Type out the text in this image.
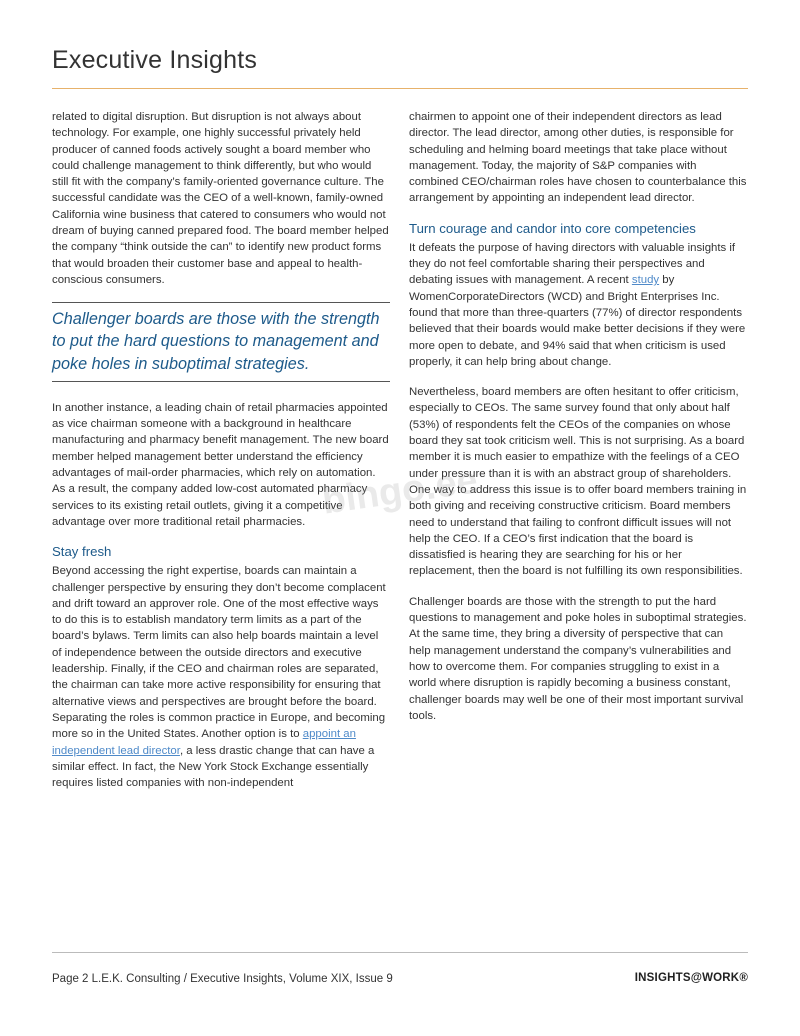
Executive Insights

related to digital disruption. But disruption is not always about technology. For example, one highly successful privately held producer of canned foods actively sought a board member who could challenge management to think differently, but who would still fit with the company’s family-oriented governance culture. The successful candidate was the CEO of a well-known, family-owned California wine business that catered to consumers who would not dream of buying canned prepared food. The board member helped the company “think outside the can” to identify new product forms that would broaden their customer base and appeal to health-conscious consumers.

Challenger boards are those with the strength to put the hard questions to management and poke holes in suboptimal strategies.

In another instance, a leading chain of retail pharmacies appointed as vice chairman someone with a background in healthcare manufacturing and pharmacy benefit management. The new board member helped management better understand the efficiency advantages of mail-order pharmacies, which rely on automation. As a result, the company added low-cost automated pharmacy services to its existing retail outlets, giving it a competitive advantage over more traditional retail pharmacies.

Stay fresh

Beyond accessing the right expertise, boards can maintain a challenger perspective by ensuring they don’t become complacent and drift toward an approver role. One of the most effective ways to do this is to establish mandatory term limits as a part of the board’s bylaws. Term limits can also help boards maintain a level of independence between the outside directors and executive leadership. Finally, if the CEO and chairman roles are separated, the chairman can take more active responsibility for ensuring that alternative views and perspectives are brought before the board. Separating the roles is common practice in Europe, and becoming more so in the United States. Another option is to appoint an independent lead director, a less drastic change that can have a similar effect. In fact, the New York Stock Exchange essentially requires listed companies with non-independent

chairmen to appoint one of their independent directors as lead director. The lead director, among other duties, is responsible for scheduling and helming board meetings that take place without management. Today, the majority of S&P companies with combined CEO/chairman roles have chosen to counterbalance this arrangement by appointing an independent lead director.

Turn courage and candor into core competencies

It defeats the purpose of having directors with valuable insights if they do not feel comfortable sharing their perspectives and debating issues with management. A recent study by WomenCorporateDirectors (WCD) and Bright Enterprises Inc. found that more than three-quarters (77%) of director respondents believed that their boards would make better decisions if they were more open to debate, and 94% said that when criticism is used properly, it can help bring about change.

Nevertheless, board members are often hesitant to offer criticism, especially to CEOs. The same survey found that only about half (53%) of respondents felt the CEOs of the companies on whose board they sat took criticism well. This is not surprising. As a board member it is much easier to empathize with the feelings of a CEO under pressure than it is with an abstract group of shareholders. One way to address this issue is to offer board members training in both giving and receiving constructive criticism. Board members need to understand that failing to confront difficult issues will not help the CEO. If a CEO’s first indication that the board is dissatisfied is hearing they are searching for his or her replacement, then the board is not fulfilling its own responsibilities.

Challenger boards are those with the strength to put the hard questions to management and poke holes in suboptimal strategies. At the same time, they bring a diversity of perspective that can help management understand the company’s vulnerabilities and how to overcome them. For companies struggling to exist in a world where disruption is rapidly becoming a business constant, challenger boards may well be one of their most important survival tools.

bingo.ee
Page 2 L.E.K. Consulting / Executive Insights, Volume XIX, Issue 9	INSIGHTS@WORK®
